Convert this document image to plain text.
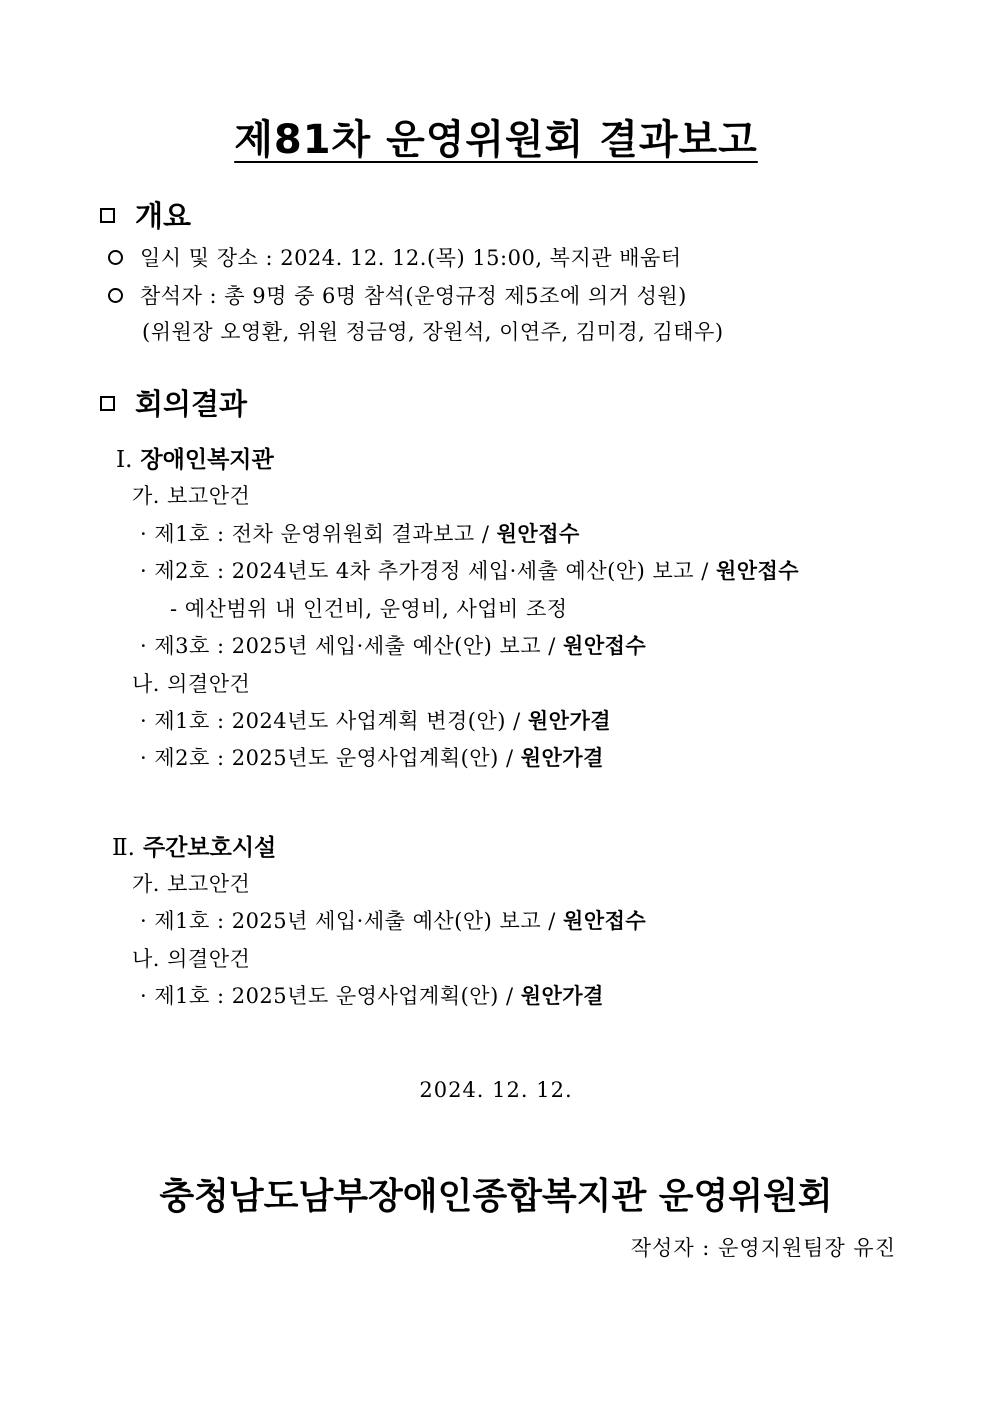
제81차 운영위원회 결과보고
개요
일시 및 장소 : 2024. 12. 12.(목) 15:00, 복지관 배움터
참석자 : 총 9명 중 6명 참석(운영규정 제5조에 의거 성원)
(위원장 오영환, 위원 정금영, 장원석, 이연주, 김미경, 김태우)
회의결과
Ⅰ. 장애인복지관
가. 보고안건
· 제1호 : 전차 운영위원회 결과보고 / 원안접수
· 제2호 : 2024년도 4차 추가경정 세입·세출 예산(안) 보고 / 원안접수
- 예산범위 내 인건비, 운영비, 사업비 조정
· 제3호 : 2025년 세입·세출 예산(안) 보고 / 원안접수
나. 의결안건
· 제1호 : 2024년도 사업계획 변경(안) / 원안가결
· 제2호 : 2025년도 운영사업계획(안) / 원안가결
Ⅱ. 주간보호시설
가. 보고안건
· 제1호 : 2025년 세입·세출 예산(안) 보고 / 원안접수
나. 의결안건
· 제1호 : 2025년도 운영사업계획(안) / 원안가결
2024. 12. 12.
충청남도남부장애인종합복지관 운영위원회
작성자 : 운영지원팀장 유진
